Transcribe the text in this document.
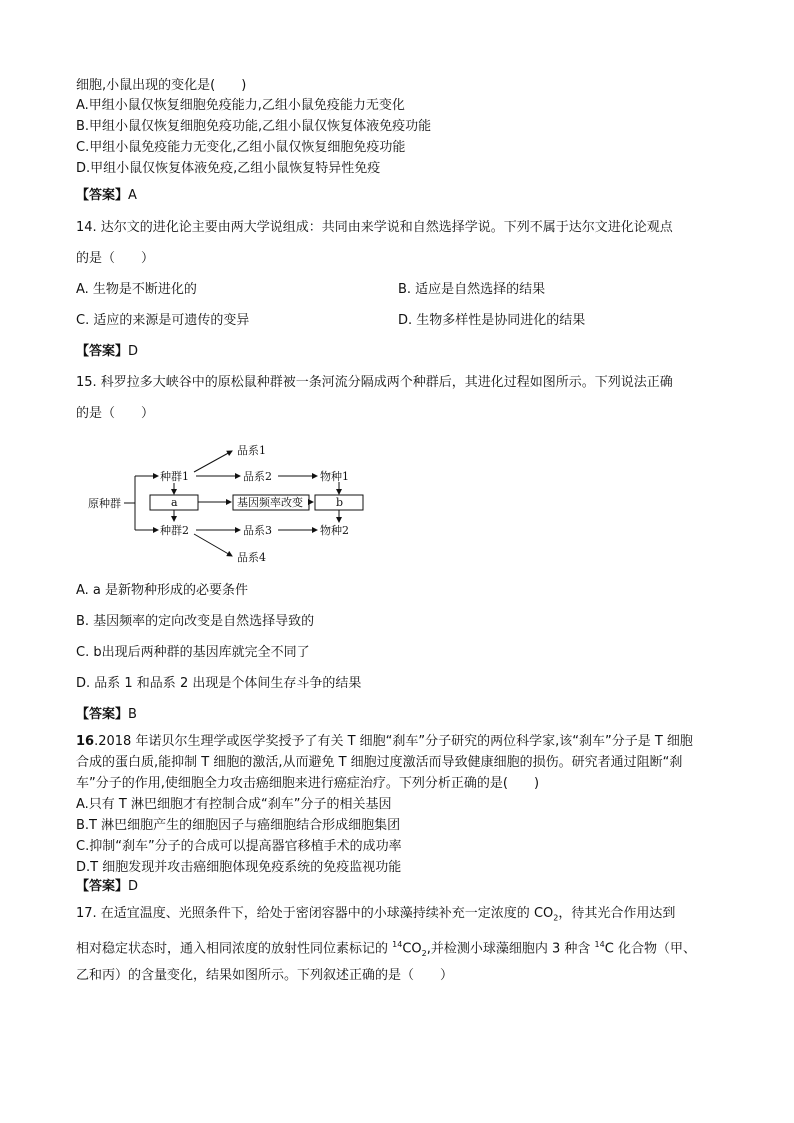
细胞,小鼠出现的变化是(　　)
A.甲组小鼠仅恢复细胞免疫能力,乙组小鼠免疫能力无变化
B.甲组小鼠仅恢复细胞免疫功能,乙组小鼠仅恢复体液免疫功能
C.甲组小鼠免疫能力无变化,乙组小鼠仅恢复细胞免疫功能
D.甲组小鼠仅恢复体液免疫,乙组小鼠恢复特异性免疫
【答案】A
14. 达尔文的进化论主要由两大学说组成：共同由来学说和自然选择学说。下列不属于达尔文进化论观点
的是（　　）
A. 生物是不断进化的	B. 适应是自然选择的结果
C. 适应的来源是可遗传的变异	D. 生物多样性是协同进化的结果
【答案】D
15. 科罗拉多大峡谷中的原松鼠种群被一条河流分隔成两个种群后，其进化过程如图所示。下列说法正确
的是（　　）
原种群
种群1
种群2
品系1
品系2
品系3
品系4
物种1
物种2
a	基因频率改变	b
A. a 是新物种形成的必要条件
B. 基因频率的定向改变是自然选择导致的
C. b出现后两种群的基因库就完全不同了
D. 品系 1 和品系 2 出现是个体间生存斗争的结果
【答案】B
16.2018 年诺贝尔生理学或医学奖授予了有关 T 细胞“刹车”分子研究的两位科学家,该“刹车”分子是 T 细胞
合成的蛋白质,能抑制 T 细胞的激活,从而避免 T 细胞过度激活而导致健康细胞的损伤。研究者通过阻断“刹
车”分子的作用,使细胞全力攻击癌细胞来进行癌症治疗。下列分析正确的是(　　)
A.只有 T 淋巴细胞才有控制合成“刹车”分子的相关基因
B.T 淋巴细胞产生的细胞因子与癌细胞结合形成细胞集团
C.抑制“刹车”分子的合成可以提高器官移植手术的成功率
D.T 细胞发现并攻击癌细胞体现免疫系统的免疫监视功能
【答案】D
17. 在适宜温度、光照条件下，给处于密闭容器中的小球藻持续补充一定浓度的 $CO_2$，待其光合作用达到
相对稳定状态时，通入相同浓度的放射性同位素标记的 $^{14}CO_2$,并检测小球藻细胞内 3 种含 $^{14}$C 化合物（甲、
乙和丙）的含量变化，结果如图所示。下列叙述正确的是（　　）
